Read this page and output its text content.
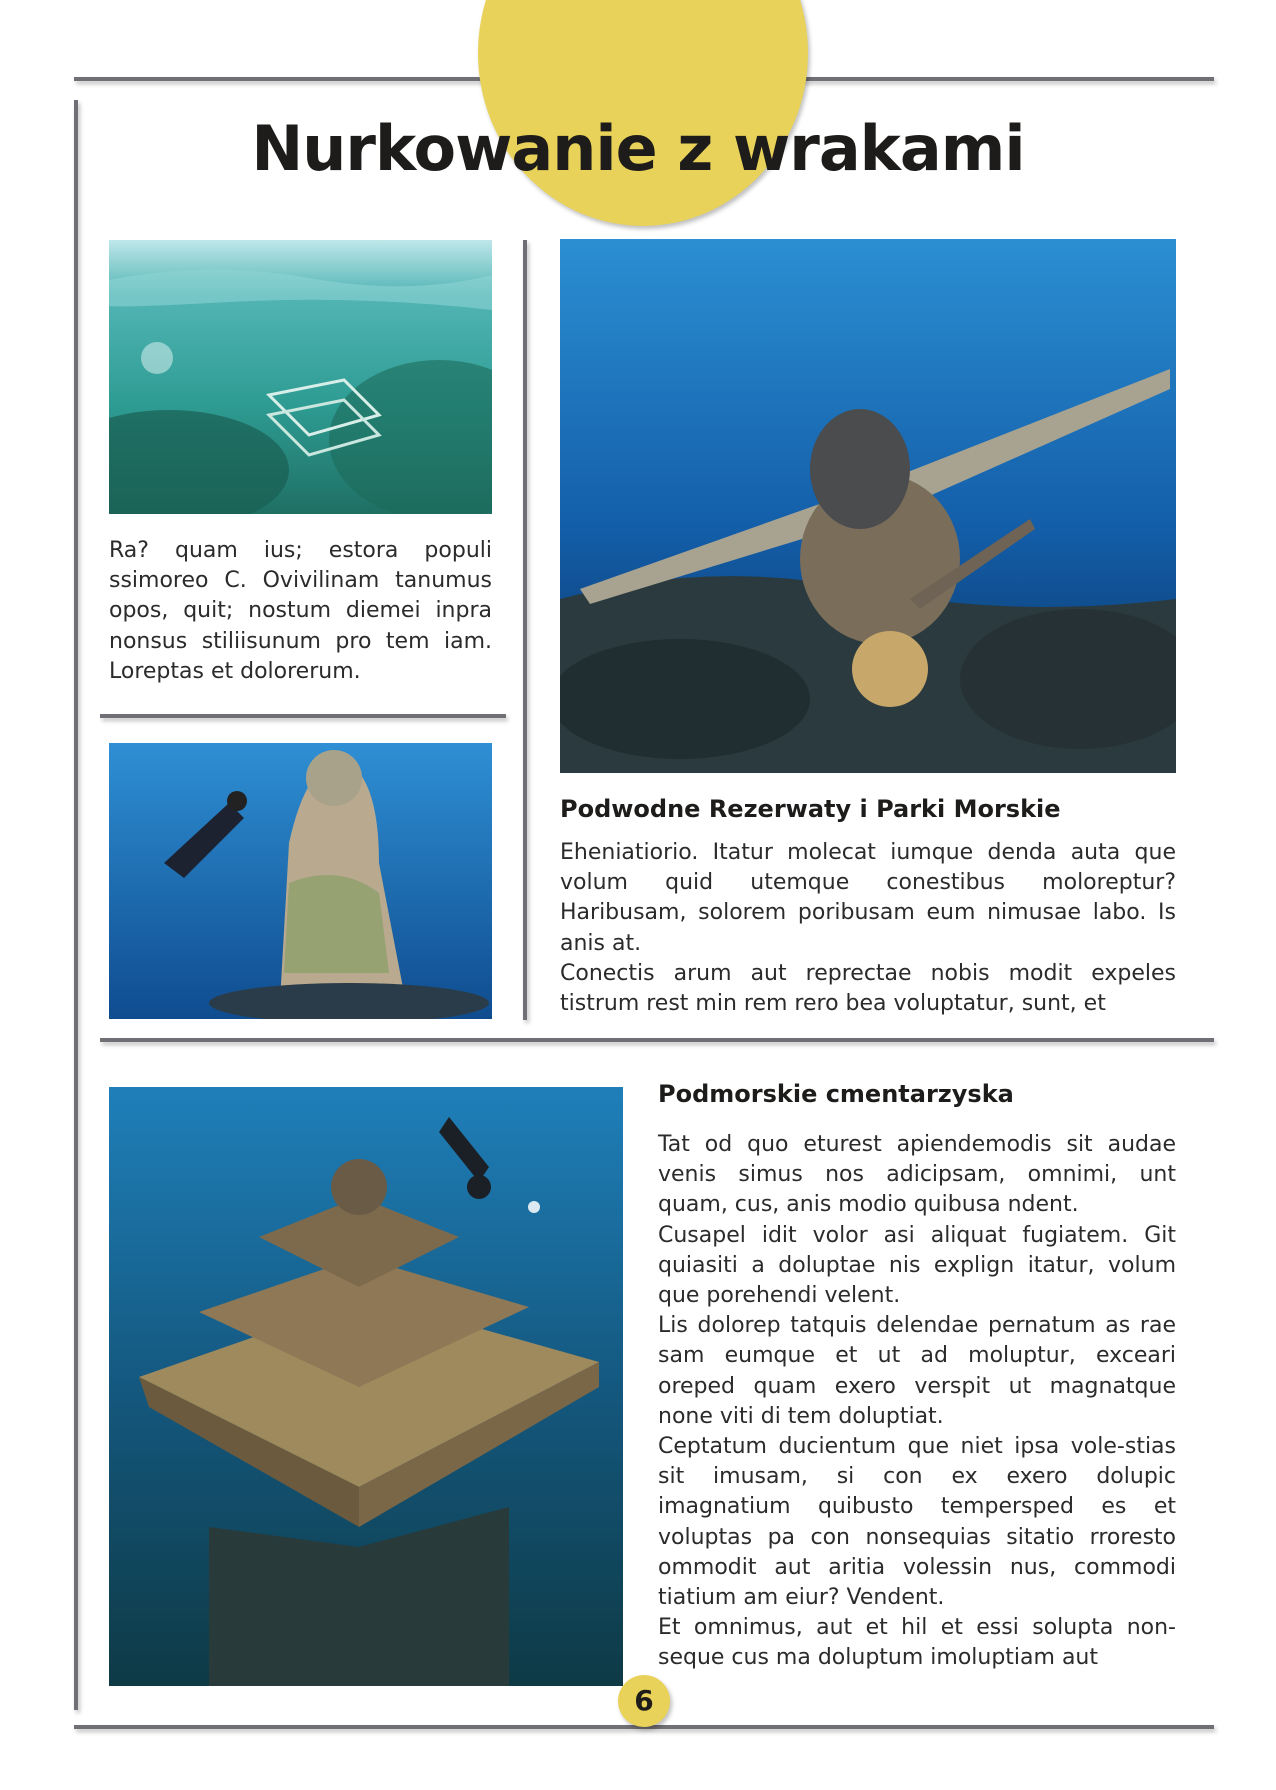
Nurkowanie z wrakami

Ra? quam ius; estora populi ssimoreo C. Ovivilinam tanumus opos, quit; nostum diemei inpra nonsus stiliisunum pro tem iam. Loreptas et dolorerum.

Podwodne Rezerwaty i Parki Morskie
Eheniatiorio. Itatur molecat iumque denda auta que volum quid utemque conestibus moloreptur? Haribusam, solorem poribusam eum nimusae labo. Is anis at.
Conectis arum aut reprectae nobis modit expeles tistrum rest min rem rero bea voluptatur, sunt, et
Podmorskie cmentarzyska
Tat od quo eturest apiendemodis sit audae venis simus nos adicipsam, omnimi, unt quam, cus, anis modio quibusa ndent.
Cusapel idit volor asi aliquat fugiatem. Git quiasiti a doluptae nis explign itatur, volum que porehendi velent.
Lis dolorep tatquis delendae pernatum as rae sam eumque et ut ad moluptur, exceari oreped quam exero verspit ut magnatque none viti di tem doluptiat.
Ceptatum ducientum que niet ipsa vole-stias sit imusam, si con ex exero dolupic imagnatium quibusto tempersped es et voluptas pa con nonsequias sitatio rroresto ommodit aut aritia volessin nus, commodi tiatium am eiur? Vendent.
Et omnimus, aut et hil et essi solupta non-seque cus ma doluptum imoluptiam aut
6
